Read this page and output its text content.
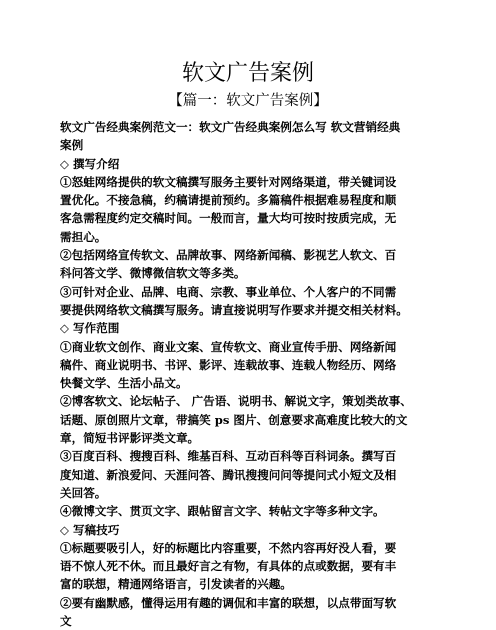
软文广告案例
【篇一：软文广告案例】

软文广告经典案例范文一：软文广告经典案例怎么写 软文营销经典

案例

◇ 撰写介绍

①怒蛙网络提供的软文稿撰写服务主要针对网络渠道，带关键词设

置优化。不接急稿，约稿请提前预约。多篇稿件根据难易程度和顺

客急需程度约定交稿时间。一般而言，量大均可按时按质完成，无

需担心。

②包括网络宣传软文、品牌故事、网络新闻稿、影视艺人软文、百

科问答文学、微博微信软文等多类。

③可针对企业、品牌、电商、宗教、事业单位、个人客户的不同需

要提供网络软文稿撰写服务。请直接说明写作要求并提交相关材料。

◇ 写作范围

①商业软文创作、商业文案、宣传软文、商业宣传手册、网络新闻

稿件、商业说明书、书评、影评、连载故事、连载人物经历、网络

快餐文学、生活小品文。

②博客软文、论坛帖子、 广告语、说明书、解说文字，策划类故事、

话题、原创照片文章，带搞笑 ps 图片、创意要求高难度比较大的文

章，简短书评影评类文章。

③百度百科、搜搜百科、维基百科、互动百科等百科词条。撰写百

度知道、新浪爱问、天涯问答、腾讯搜搜问问等提问式小短文及相

关回答。

④微博文字、贯页文字、跟帖留言文字、转帖文字等多种文字。

◇ 写稿技巧

①标题要吸引人，好的标题比内容重要，不然内容再好没人看，要

语不惊人死不休。而且最好言之有物，有具体的点或数据，要有丰

富的联想，精通网络语言，引发读者的兴趣。

②要有幽默感，懂得运用有趣的调侃和丰富的联想，以点带面写软

文
